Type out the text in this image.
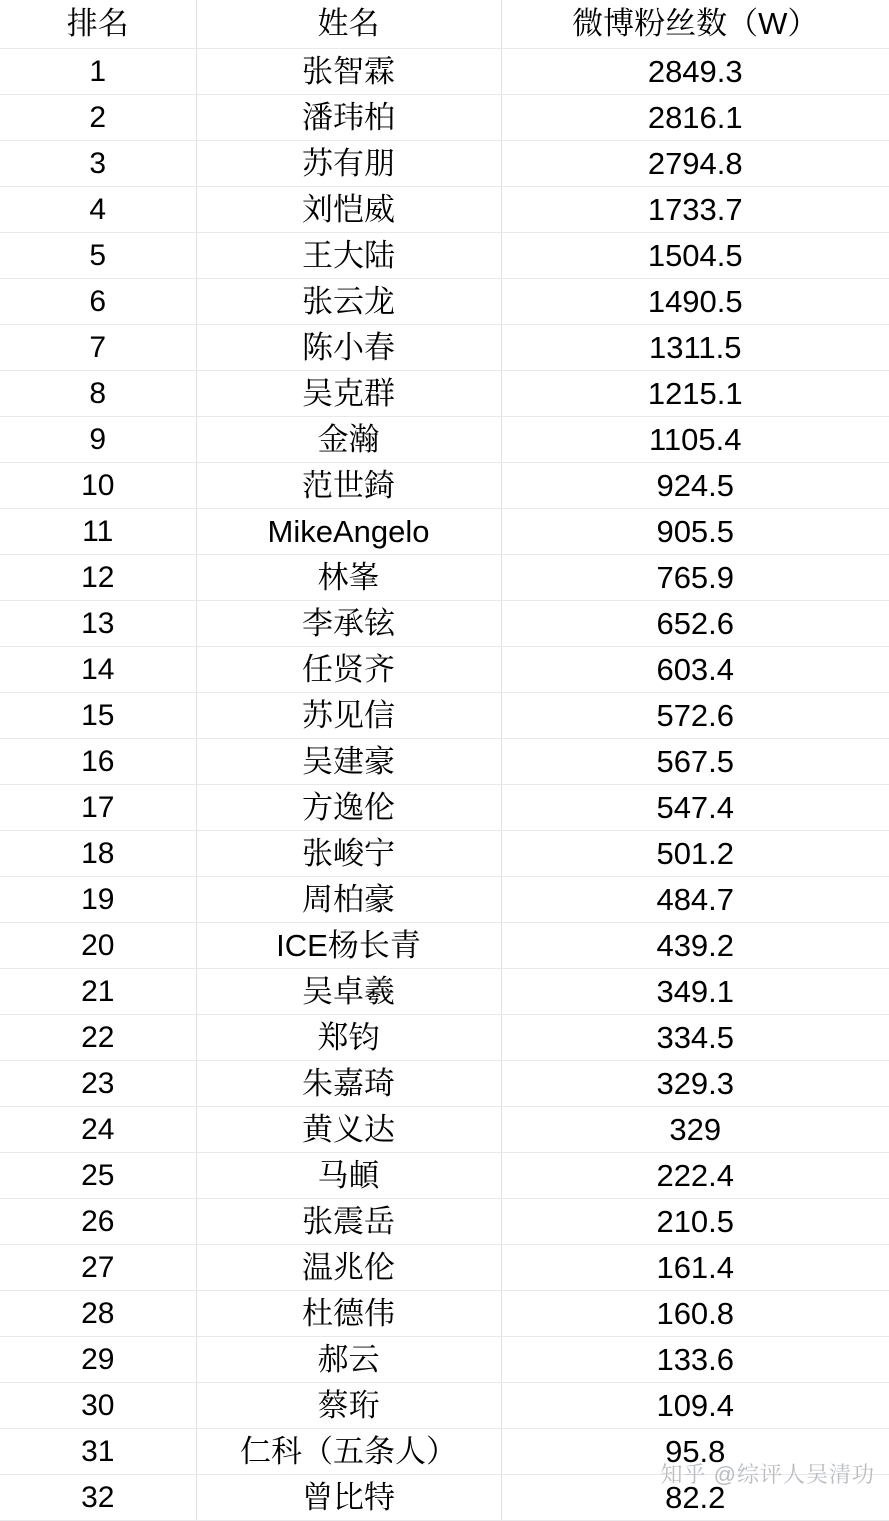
排名	姓名	微博粉丝数（W）
1	张智霖	2849.3
2	潘玮柏	2816.1
3	苏有朋	2794.8
4	刘恺威	1733.7
5	王大陆	1504.5
6	张云龙	1490.5
7	陈小春	1311.5
8	吴克群	1215.1
9	金瀚	1105.4
10	范世錡	924.5
11	MikeAngelo	905.5
12	林峯	765.9
13	李承铉	652.6
14	任贤齐	603.4
15	苏见信	572.6
16	吴建豪	567.5
17	方逸伦	547.4
18	张峻宁	501.2
19	周柏豪	484.7
20	ICE杨长青	439.2
21	吴卓羲	349.1
22	郑钧	334.5
23	朱嘉琦	329.3
24	黄义达	329
25	马頔	222.4
26	张震岳	210.5
27	温兆伦	161.4
28	杜德伟	160.8
29	郝云	133.6
30	蔡珩	109.4
31	仁科（五条人）	95.8
32	曾比特	82.2
知乎 @综评人吴清功
